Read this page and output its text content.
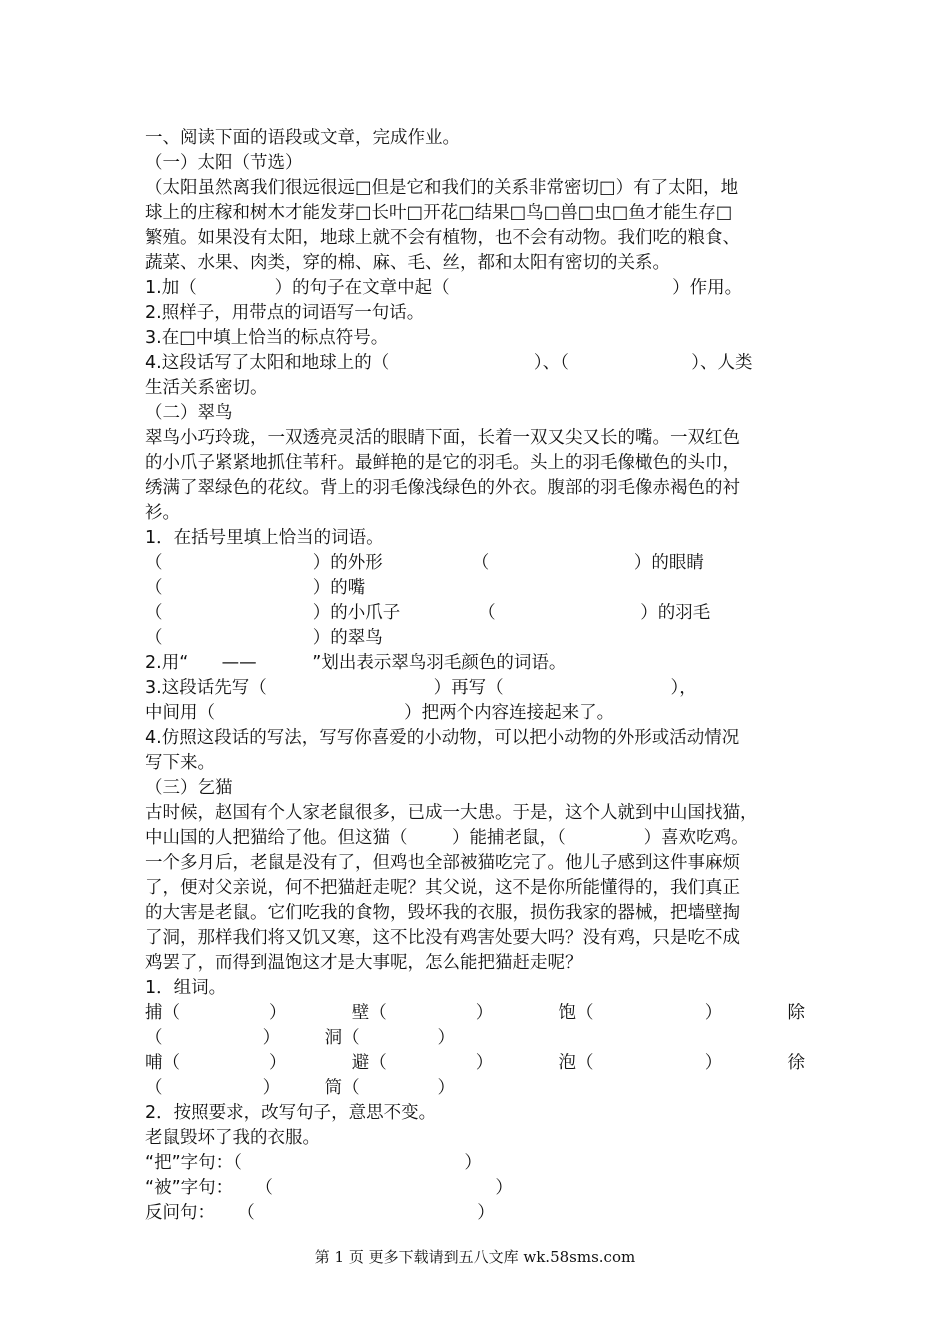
一、阅读下面的语段或文章，完成作业。
（一）太阳（节选）
（太阳虽然离我们很远很远□但是它和我们的关系非常密切□）有了太阳，地
球上的庄稼和树木才能发芽□长叶□开花□结果□鸟□兽□虫□鱼才能生存□
繁殖。如果没有太阳，地球上就不会有植物，也不会有动物。我们吃的粮食、
蔬菜、水果、肉类，穿的棉、麻、毛、丝，都和太阳有密切的关系。
1.加（              ）的句子在文章中起（                                        ）作用。
2.照样子，用带点的词语写一句话。
3.在□中填上恰当的标点符号。
4.这段话写了太阳和地球上的（                          ）、（                      ）、人类
生活关系密切。
（二）翠鸟
翠鸟小巧玲珑，一双透亮灵活的眼睛下面，长着一双又尖又长的嘴。一双红色
的小爪子紧紧地抓住苇秆。最鲜艳的是它的羽毛。头上的羽毛像橄色的头巾，
绣满了翠绿色的花纹。背上的羽毛像浅绿色的外衣。腹部的羽毛像赤褐色的衬
衫。
1．在括号里填上恰当的词语。
（                           ）的外形                （                          ）的眼睛
（                           ）的嘴
（                           ）的小爪子              （                          ）的羽毛
（                           ）的翠鸟
2.用“      ——          ”划出表示翠鸟羽毛颜色的词语。
3.这段话先写（                              ）再写（                              ），
中间用（                                  ）把两个内容连接起来了。
4.仿照这段话的写法，写写你喜爱的小动物，可以把小动物的外形或活动情况
写下来。
（三）乞猫
古时候，赵国有个人家老鼠很多，已成一大患。于是，这个人就到中山国找猫，
中山国的人把猫给了他。但这猫（        ）能捕老鼠，（              ）喜欢吃鸡。
一个多月后，老鼠是没有了，但鸡也全部被猫吃完了。他儿子感到这件事麻烦
了，便对父亲说，何不把猫赶走呢？其父说，这不是你所能懂得的，我们真正
的大害是老鼠。它们吃我的食物，毁坏我的衣服，损伤我家的器械，把墙壁掏
了洞，那样我们将又饥又寒，这不比没有鸡害处要大吗？没有鸡，只是吃不成
鸡罢了，而得到温饱这才是大事呢，怎么能把猫赶走呢？
1．组词。
捕（                ）	壁（                ）	饱（                    ）	除
（                  ）        洞（              ）
哺（                ）	避（                ）	泡（                    ）	徐
（                  ）        筒（              ）
2．按照要求，改写句子，意思不变。
老鼠毁坏了我的衣服。
“把”字句：（                                        ）
“被”字句：    （                                        ）
反问句：    （                                        ）
第 1 页 更多下载请到五八文库 wk.58sms.com
